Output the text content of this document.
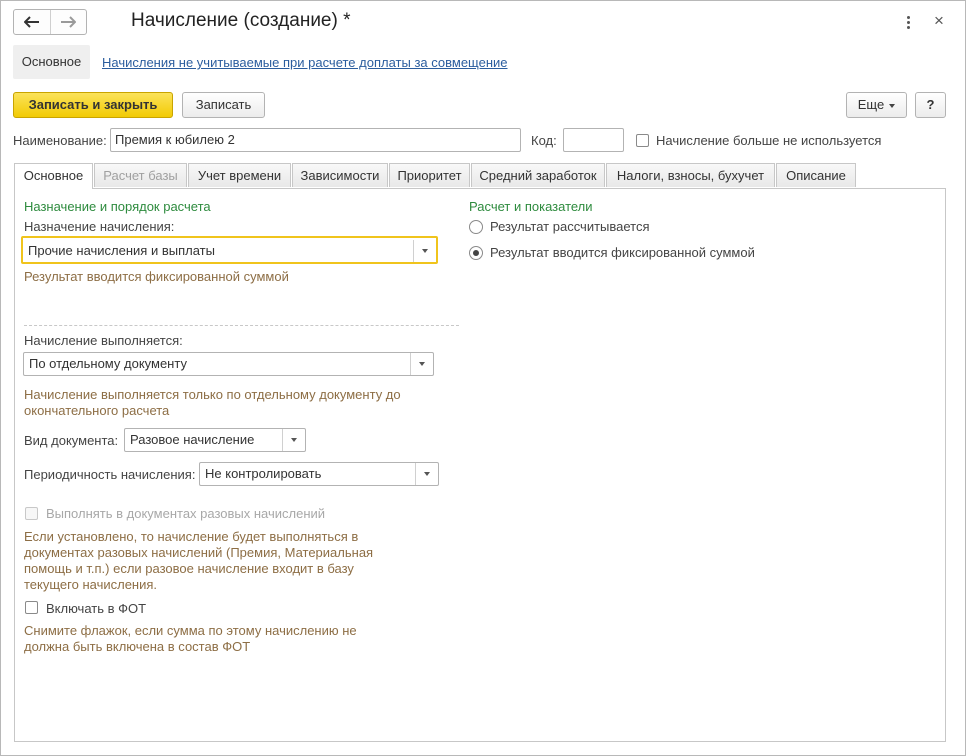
Начисление (создание) *	×
Основное	Начисления не учитываемые при расчете доплаты за совмещение
Записать и закрыть	Записать	Еще	?
Наименование: Премия к юбилею 2	Код:	Начисление больше не используется
Основное	Расчет базы	Учет времени	Зависимости	Приоритет	Средний заработок	Налоги, взносы, бухучет	Описание
Назначение и порядок расчета
Назначение начисления:
Прочие начисления и выплаты
Результат вводится фиксированной суммой
Начисление выполняется:
По отдельному документу
Начисление выполняется только по отдельному документу до
окончательного расчета
Вид документа: Разовое начисление
Периодичность начисления: Не контролировать
Выполнять в документах разовых начислений
Если установлено, то начисление будет выполняться в
документах разовых начислений (Премия, Материальная
помощь и т.п.) если разовое начисление входит в базу
текущего начисления.
Включать в ФОТ
Снимите флажок, если сумма по этому начислению не
должна быть включена в состав ФОТ
Расчет и показатели
Результат рассчитывается
Результат вводится фиксированной суммой
